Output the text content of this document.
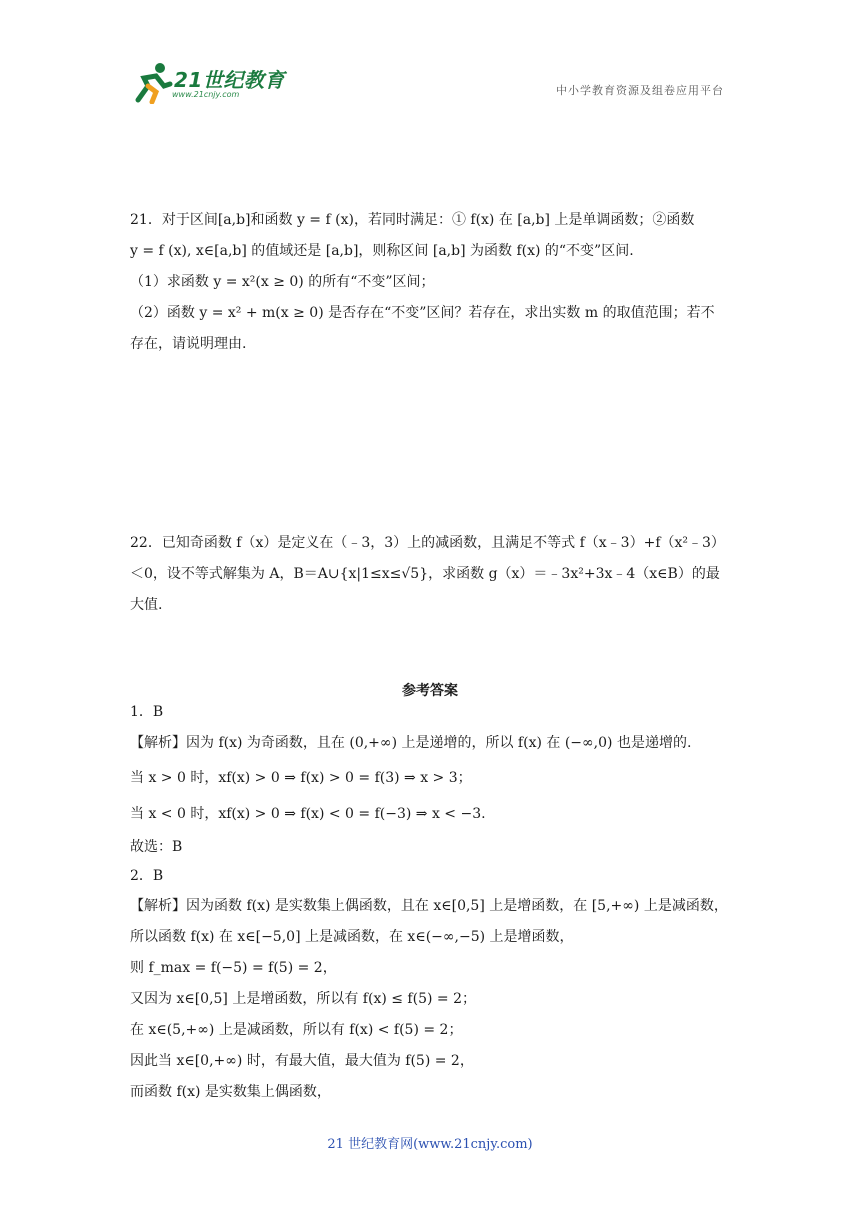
21世纪教育
www.21cnjy.com	中小学教育资源及组卷应用平台

21．对于区间[a,b]和函数 y = f (x)，若同时满足：① f(x) 在 [a,b] 上是单调函数；②函数

y = f (x), x∈[a,b] 的值域还是 [a,b]，则称区间 [a,b] 为函数 f(x) 的“不变”区间.

（1）求函数 y = x²(x ≥ 0) 的所有“不变”区间；

（2）函数 y = x² + m(x ≥ 0) 是否存在“不变”区间？若存在，求出实数 m 的取值范围；若不

存在，请说明理由.

22．已知奇函数 f（x）是定义在（﹣3，3）上的减函数，且满足不等式 f（x﹣3）+f（x²﹣3）

＜0，设不等式解集为 A，B＝A∪{x|1≤x≤√5}，求函数 g（x）＝﹣3x²+3x﹣4（x∈B）的最

大值.

参考答案

1．B

【解析】因为 f(x) 为奇函数，且在 (0,+∞) 上是递增的，所以 f(x) 在 (−∞,0) 也是递增的.

当 x > 0 时，xf(x) > 0 ⇒ f(x) > 0 = f(3) ⇒ x > 3；

当 x < 0 时，xf(x) > 0 ⇒ f(x) < 0 = f(−3) ⇒ x < −3.

故选：B

2．B

【解析】因为函数 f(x) 是实数集上偶函数，且在 x∈[0,5] 上是增函数，在 [5,+∞) 上是减函数，

所以函数 f(x) 在 x∈[−5,0] 上是减函数，在 x∈(−∞,−5) 上是增函数，

则 f_max = f(−5) = f(5) = 2，

又因为 x∈[0,5] 上是增函数，所以有 f(x) ≤ f(5) = 2；

在 x∈(5,+∞) 上是减函数，所以有 f(x) < f(5) = 2；

因此当 x∈[0,+∞) 时，有最大值，最大值为 f(5) = 2，

而函数 f(x) 是实数集上偶函数，

21 世纪教育网(www.21cnjy.com)
